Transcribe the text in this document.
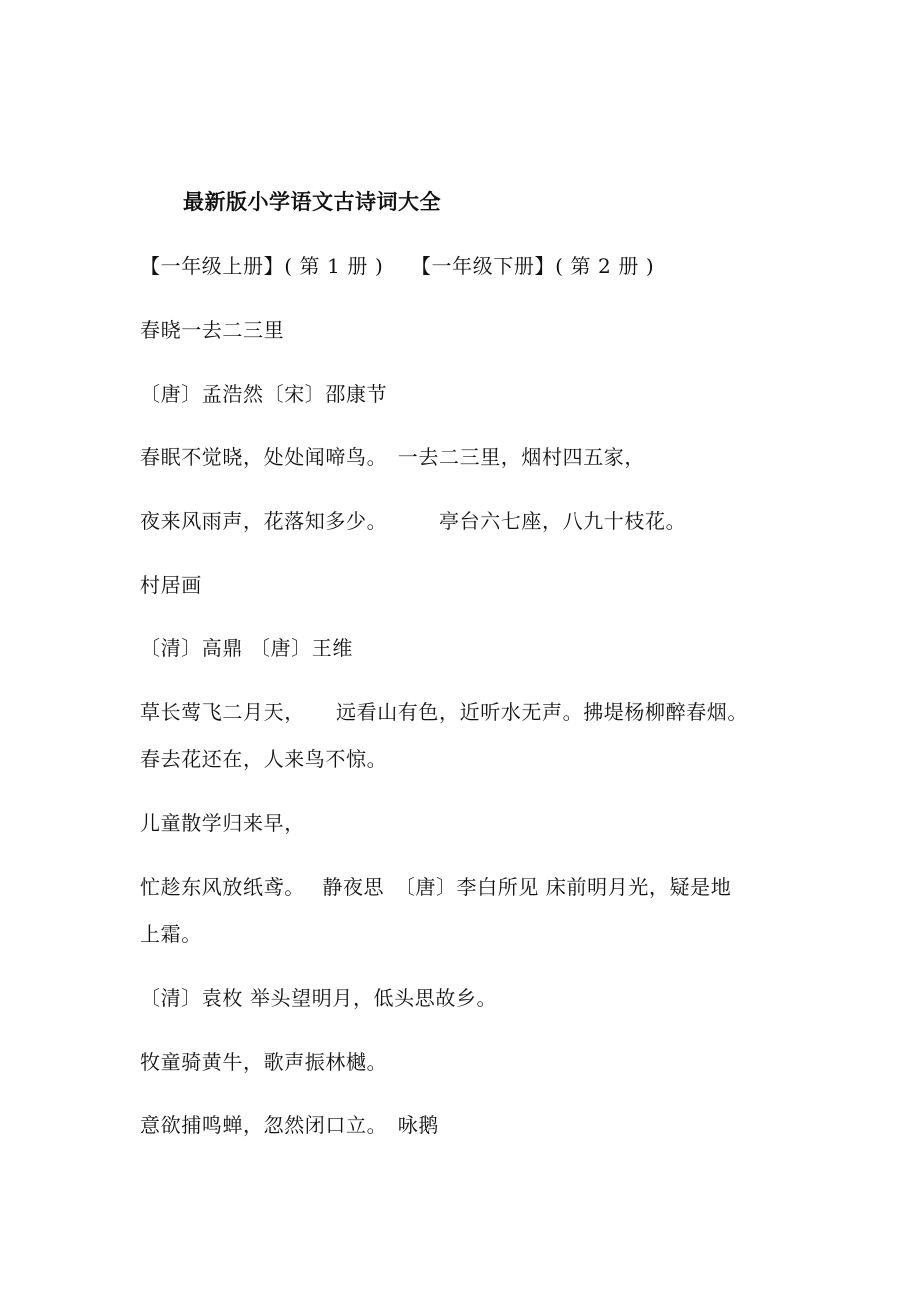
最新版小学语文古诗词大全
【一年级上册】( 第 1 册 )　 【一年级下册】( 第 2 册 )
春晓一去二三里
〔唐〕孟浩然〔宋〕邵康节
春眠不觉晓，处处闻啼鸟。　一去二三里，烟村四五家，
夜来风雨声，花落知多少。　　　亭台六七座，八九十枝花。
村居画
〔清〕高鼎 〔唐〕王维
草长莺飞二月天，　　远看山有色，近听水无声。拂堤杨柳醉春烟。
春去花还在，人来鸟不惊。
儿童散学归来早，
忙趁东风放纸鸢。　 静夜思　〔唐〕李白所见 床前明月光，疑是地
上霜。
〔清〕袁枚 举头望明月，低头思故乡。
牧童骑黄牛，歌声振林樾。
意欲捕鸣蝉，忽然闭口立。　咏鹅
